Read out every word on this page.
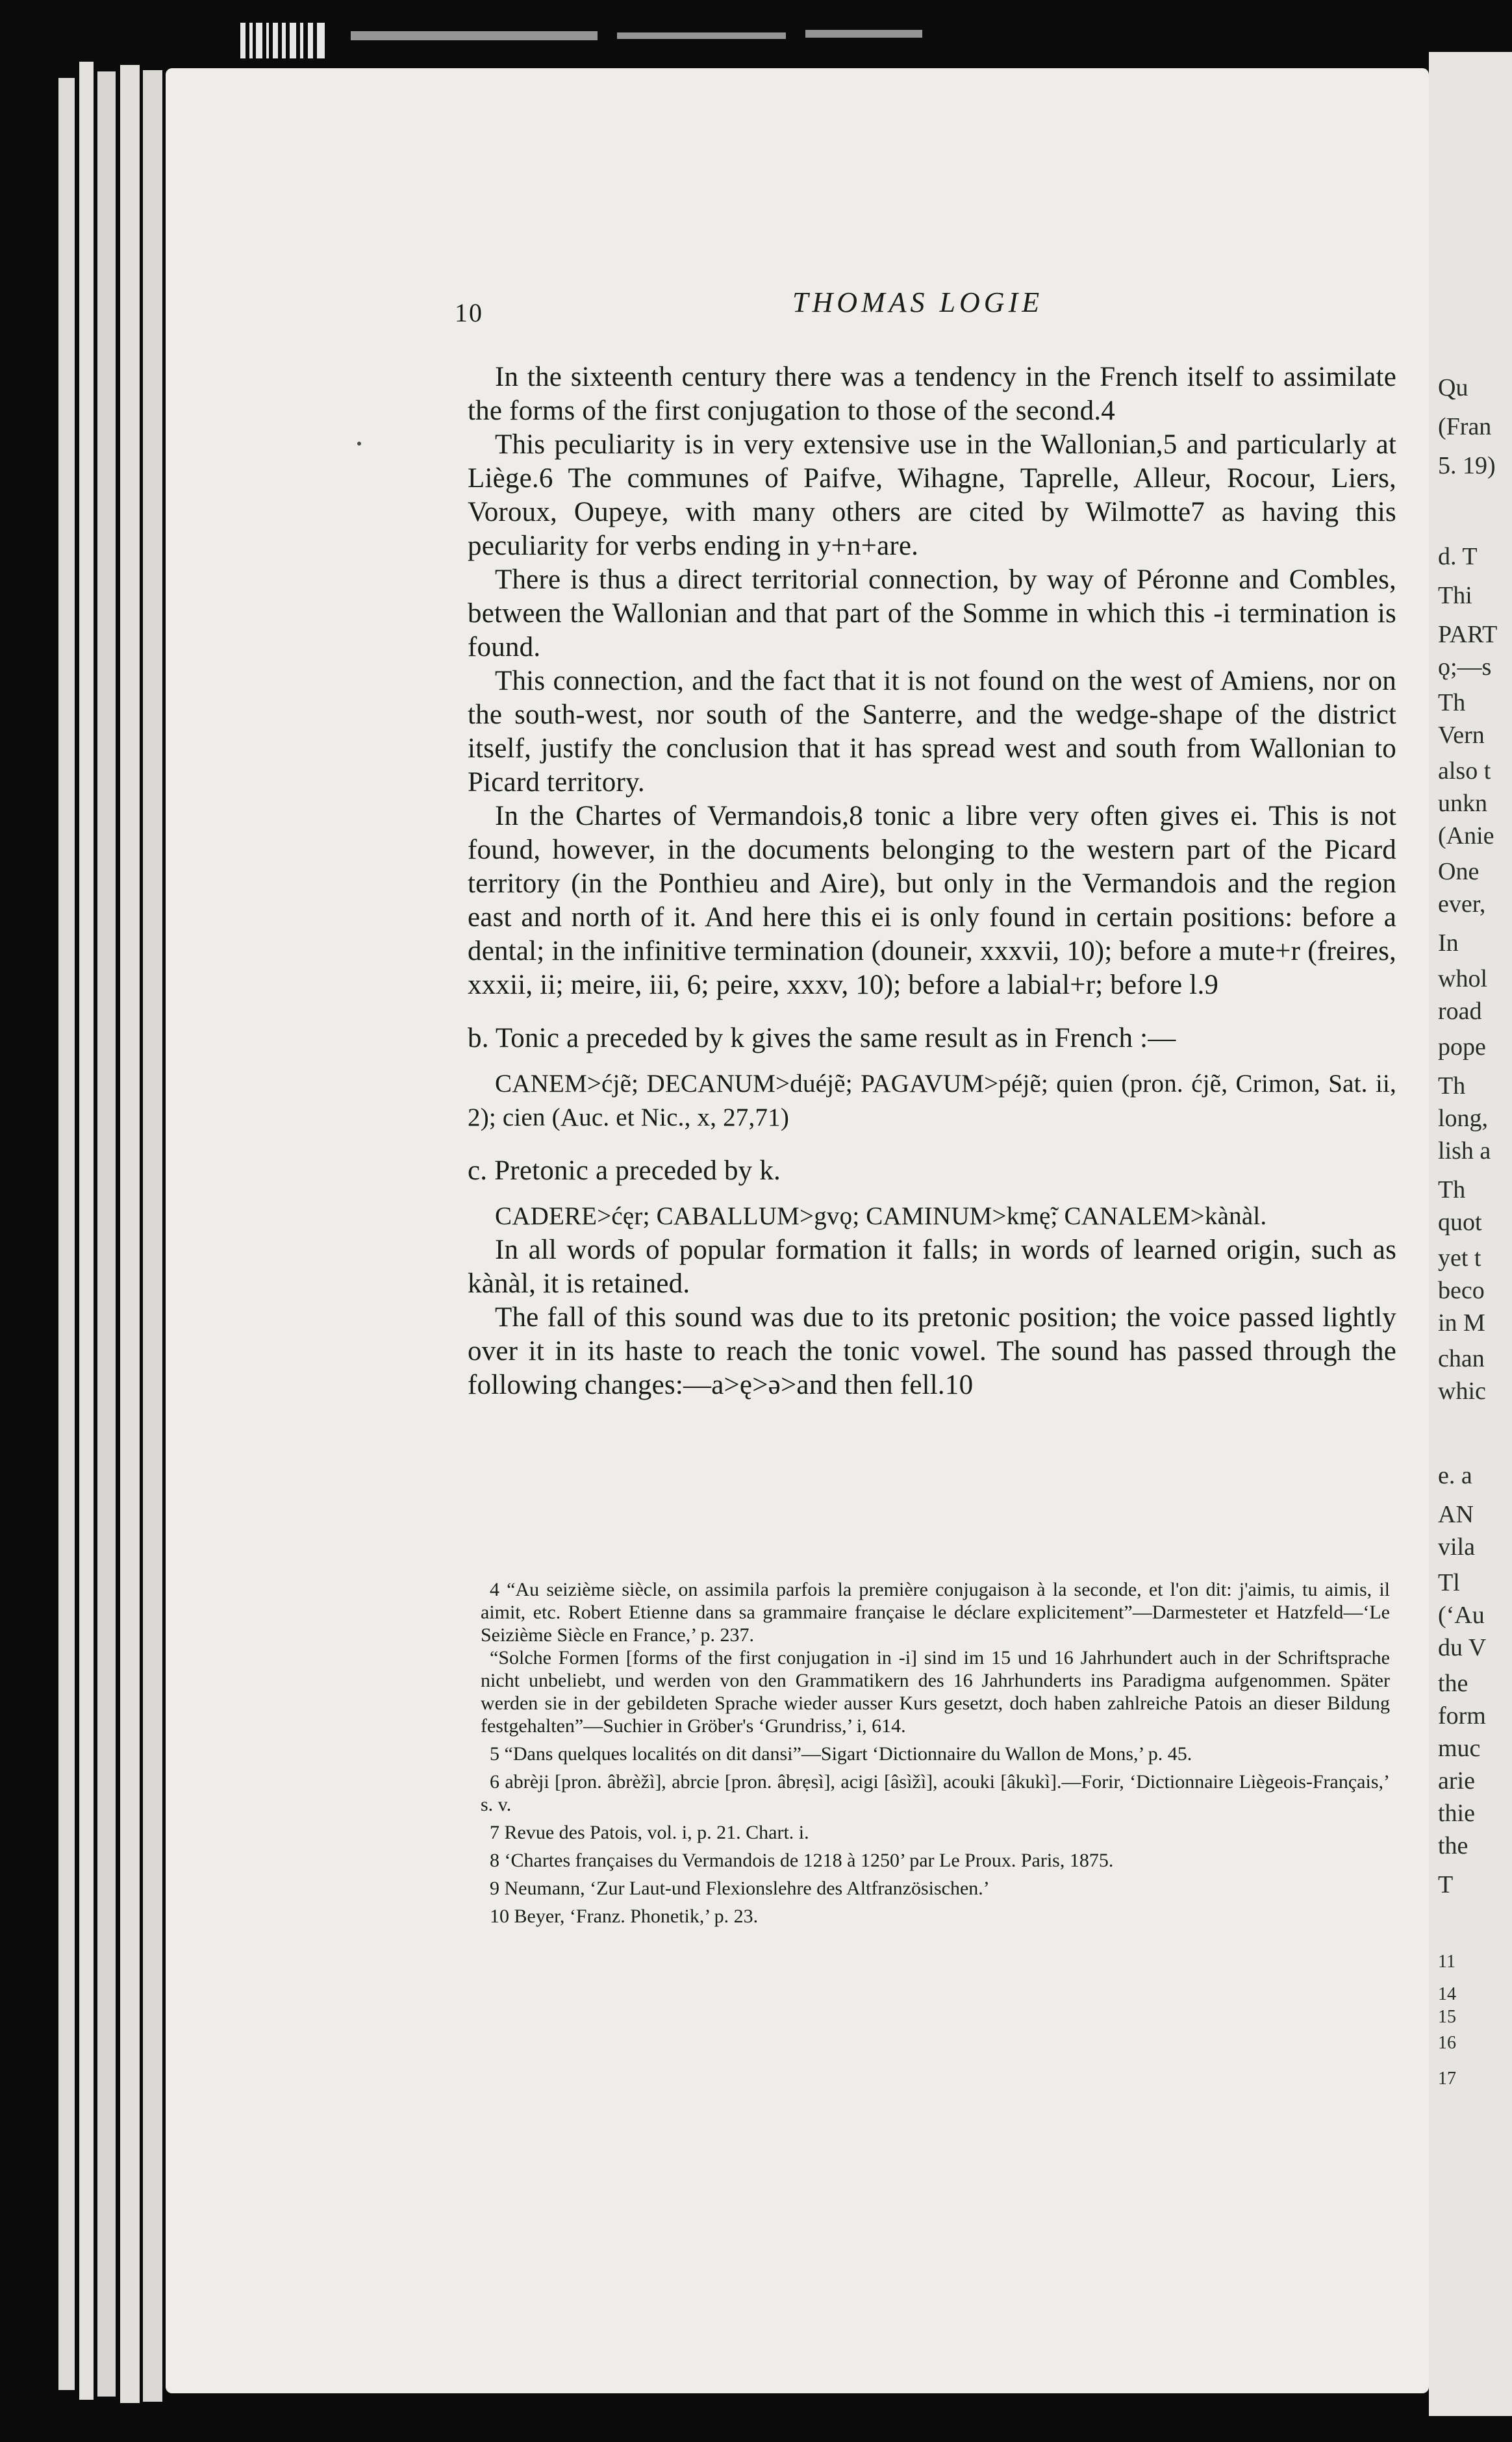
Qu
(Fran
5. 19)
d. T
Thi
PART
ǫ;—s
Th
Vern
also t
unkn
(Anie
One
ever,
In
whol
road
pope
Th
long,
lish a
Th
quot
yet t
beco
in M
chan
whic
e. a
AN
vila
Tl
(‘Au
du V
the
form
muc
arie
thie
the
T
11
14
15
16
17
10	THOMAS LOGIE

In the sixteenth century there was a tendency in the French itself to assimilate the forms of the first conjugation to those of the second.4

This peculiarity is in very extensive use in the Wallonian,5 and particularly at Liège.6 The communes of Paifve, Wihagne, Taprelle, Alleur, Rocour, Liers, Voroux, Oupeye, with many others are cited by Wilmotte7 as having this peculiarity for verbs ending in y+n+are.

There is thus a direct territorial connection, by way of Péronne and Combles, between the Wallonian and that part of the Somme in which this -i termination is found.

This connection, and the fact that it is not found on the west of Amiens, nor on the south-west, nor south of the Santerre, and the wedge-shape of the district itself, justify the conclusion that it has spread west and south from Wallonian to Picard territory.

In the Chartes of Vermandois,8 tonic a libre very often gives ei. This is not found, however, in the documents belonging to the western part of the Picard territory (in the Ponthieu and Aire), but only in the Vermandois and the region east and north of it. And here this ei is only found in certain positions: before a dental; in the infinitive termination (douneir, xxxvii, 10); before a mute+r (freires, xxxii, ii; meire, iii, 6; peire, xxxv, 10); before a labial+r; before l.9

b. Tonic a preceded by k gives the same result as in French :—

CANEM>ćjẽ; DECANUM>duéjẽ; PAGAVUM>péjẽ; quien (pron. ćjẽ, Crimon, Sat. ii, 2); cien (Auc. et Nic., x, 27,71)

c. Pretonic a preceded by k.

CADERE>ćęr; CABALLUM>gvǫ; CAMINUM>kmę̃; CANALEM>kànàl.

In all words of popular formation it falls; in words of learned origin, such as kànàl, it is retained.

The fall of this sound was due to its pretonic position; the voice passed lightly over it in its haste to reach the tonic vowel. The sound has passed through the following changes:—a>ę>ə>and then fell.10

4 “Au seizième siècle, on assimila parfois la première conjugaison à la seconde, et l'on dit: j'aimis, tu aimis, il aimit, etc. Robert Etienne dans sa grammaire française le déclare explicitement”—Darmesteter et Hatzfeld—‘Le Seizième Siècle en France,’ p. 237.

“Solche Formen [forms of the first conjugation in -i] sind im 15 und 16 Jahrhundert auch in der Schriftsprache nicht unbeliebt, und werden von den Grammatikern des 16 Jahrhunderts ins Paradigma aufgenommen. Später werden sie in der gebildeten Sprache wieder ausser Kurs gesetzt, doch haben zahlreiche Patois an dieser Bildung festgehalten”—Suchier in Gröber's ‘Grundriss,’ i, 614.

5 “Dans quelques localités on dit dansi”—Sigart ‘Dictionnaire du Wallon de Mons,’ p. 45.

6 abrèji [pron. âbrèžì], abrcie [pron. âbrẹsì], acigi [âsìžì], acouki [âkukì].—Forir, ‘Dictionnaire Liègeois-Français,’ s. v.

7 Revue des Patois, vol. i, p. 21. Chart. i.

8 ‘Chartes françaises du Vermandois de 1218 à 1250’ par Le Proux. Paris, 1875.

9 Neumann, ‘Zur Laut-und Flexionslehre des Altfranzösischen.’

10 Beyer, ‘Franz. Phonetik,’ p. 23.
